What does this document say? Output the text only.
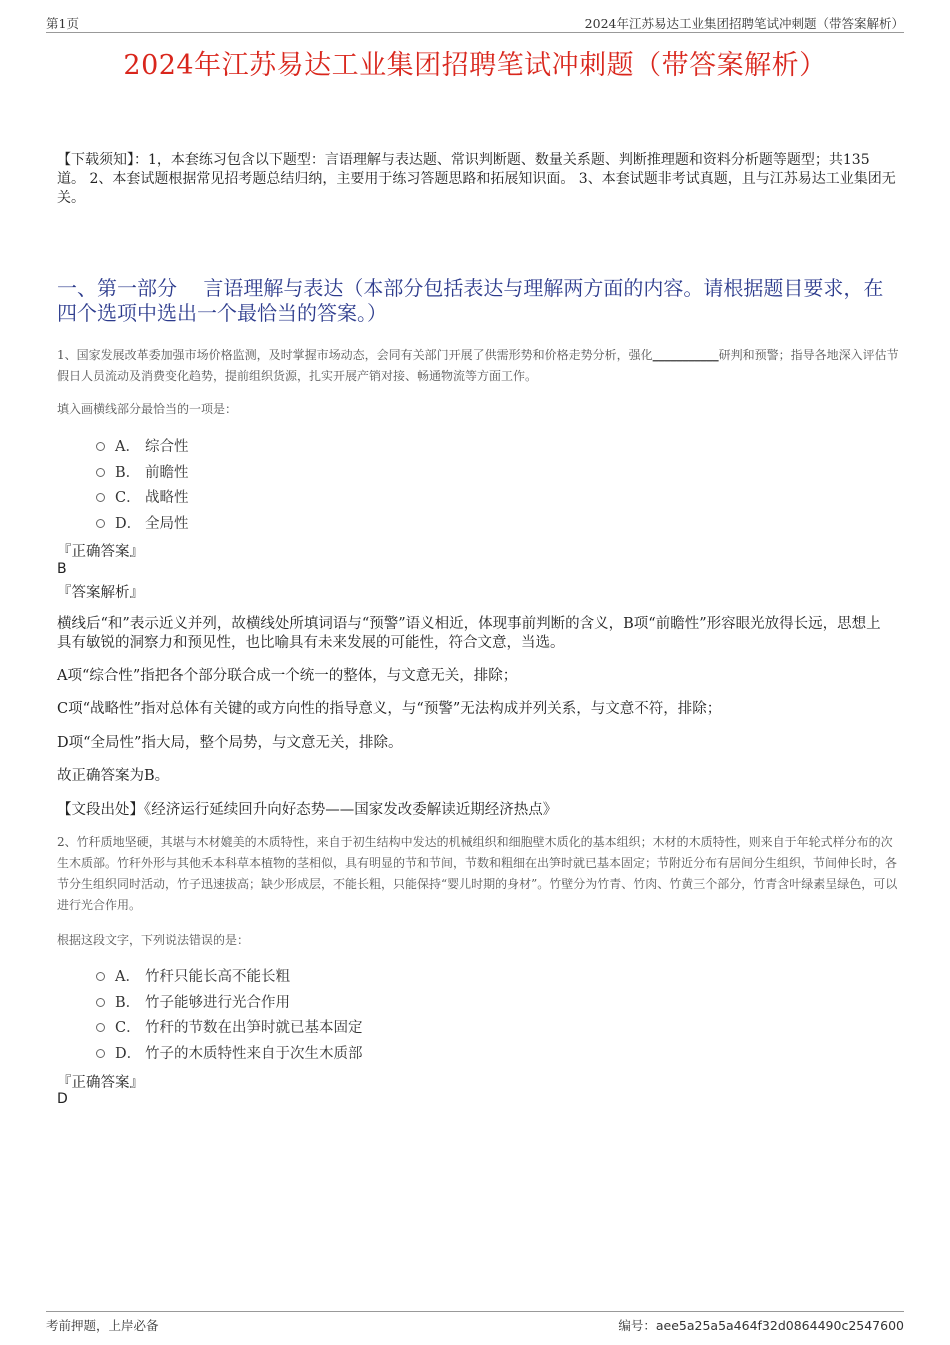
第1页	2024年江苏易达工业集团招聘笔试冲刺题（带答案解析）
2024年江苏易达工业集团招聘笔试冲刺题（带答案解析）
【下载须知】：1，本套练习包含以下题型：言语理解与表达题、常识判断题、数量关系题、判断推理题和资料分析题等题型；共135道。 2、本套试题根据常见招考题总结归纳，主要用于练习答题思路和拓展知识面。 3、本套试题非考试真题，且与江苏易达工业集团无关。
一、第一部分　 言语理解与表达（本部分包括表达与理解两方面的内容。请根据题目要求，在四个选项中选出一个最恰当的答案。）
1、国家发展改革委加强市场价格监测，及时掌握市场动态，会同有关部门开展了供需形势和价格走势分析，强化___________研判和预警；指导各地深入评估节假日人员流动及消费变化趋势，提前组织货源，扎实开展产销对接、畅通物流等方面工作。
填入画横线部分最恰当的一项是：
A． 综合性
B． 前瞻性
C． 战略性
D． 全局性
『正确答案』
B
『答案解析』
横线后“和”表示近义并列，故横线处所填词语与“预警”语义相近，体现事前判断的含义，B项“前瞻性”形容眼光放得长远，思想上具有敏锐的洞察力和预见性，也比喻具有未来发展的可能性，符合文意，当选。
A项“综合性”指把各个部分联合成一个统一的整体，与文意无关，排除；
C项“战略性”指对总体有关键的或方向性的指导意义，与“预警”无法构成并列关系，与文意不符，排除；
D项“全局性”指大局，整个局势，与文意无关，排除。
故正确答案为B。
【文段出处】《经济运行延续回升向好态势——国家发改委解读近期经济热点》
2、竹秆质地坚硬，其堪与木材媲美的木质特性，来自于初生结构中发达的机械组织和细胞壁木质化的基本组织；木材的木质特性，则来自于年轮式样分布的次生木质部。竹秆外形与其他禾本科草本植物的茎相似，具有明显的节和节间，节数和粗细在出笋时就已基本固定；节附近分布有居间分生组织，节间伸长时，各节分生组织同时活动，竹子迅速拔高；缺少形成层，不能长粗，只能保持“婴儿时期的身材”。竹壁分为竹青、竹肉、竹黄三个部分，竹青含叶绿素呈绿色，可以进行光合作用。
根据这段文字，下列说法错误的是：
A． 竹秆只能长高不能长粗
B． 竹子能够进行光合作用
C． 竹秆的节数在出笋时就已基本固定
D． 竹子的木质特性来自于次生木质部
『正确答案』
D
考前押题，上岸必备	编号：aee5a25a5a464f32d0864490c2547600
